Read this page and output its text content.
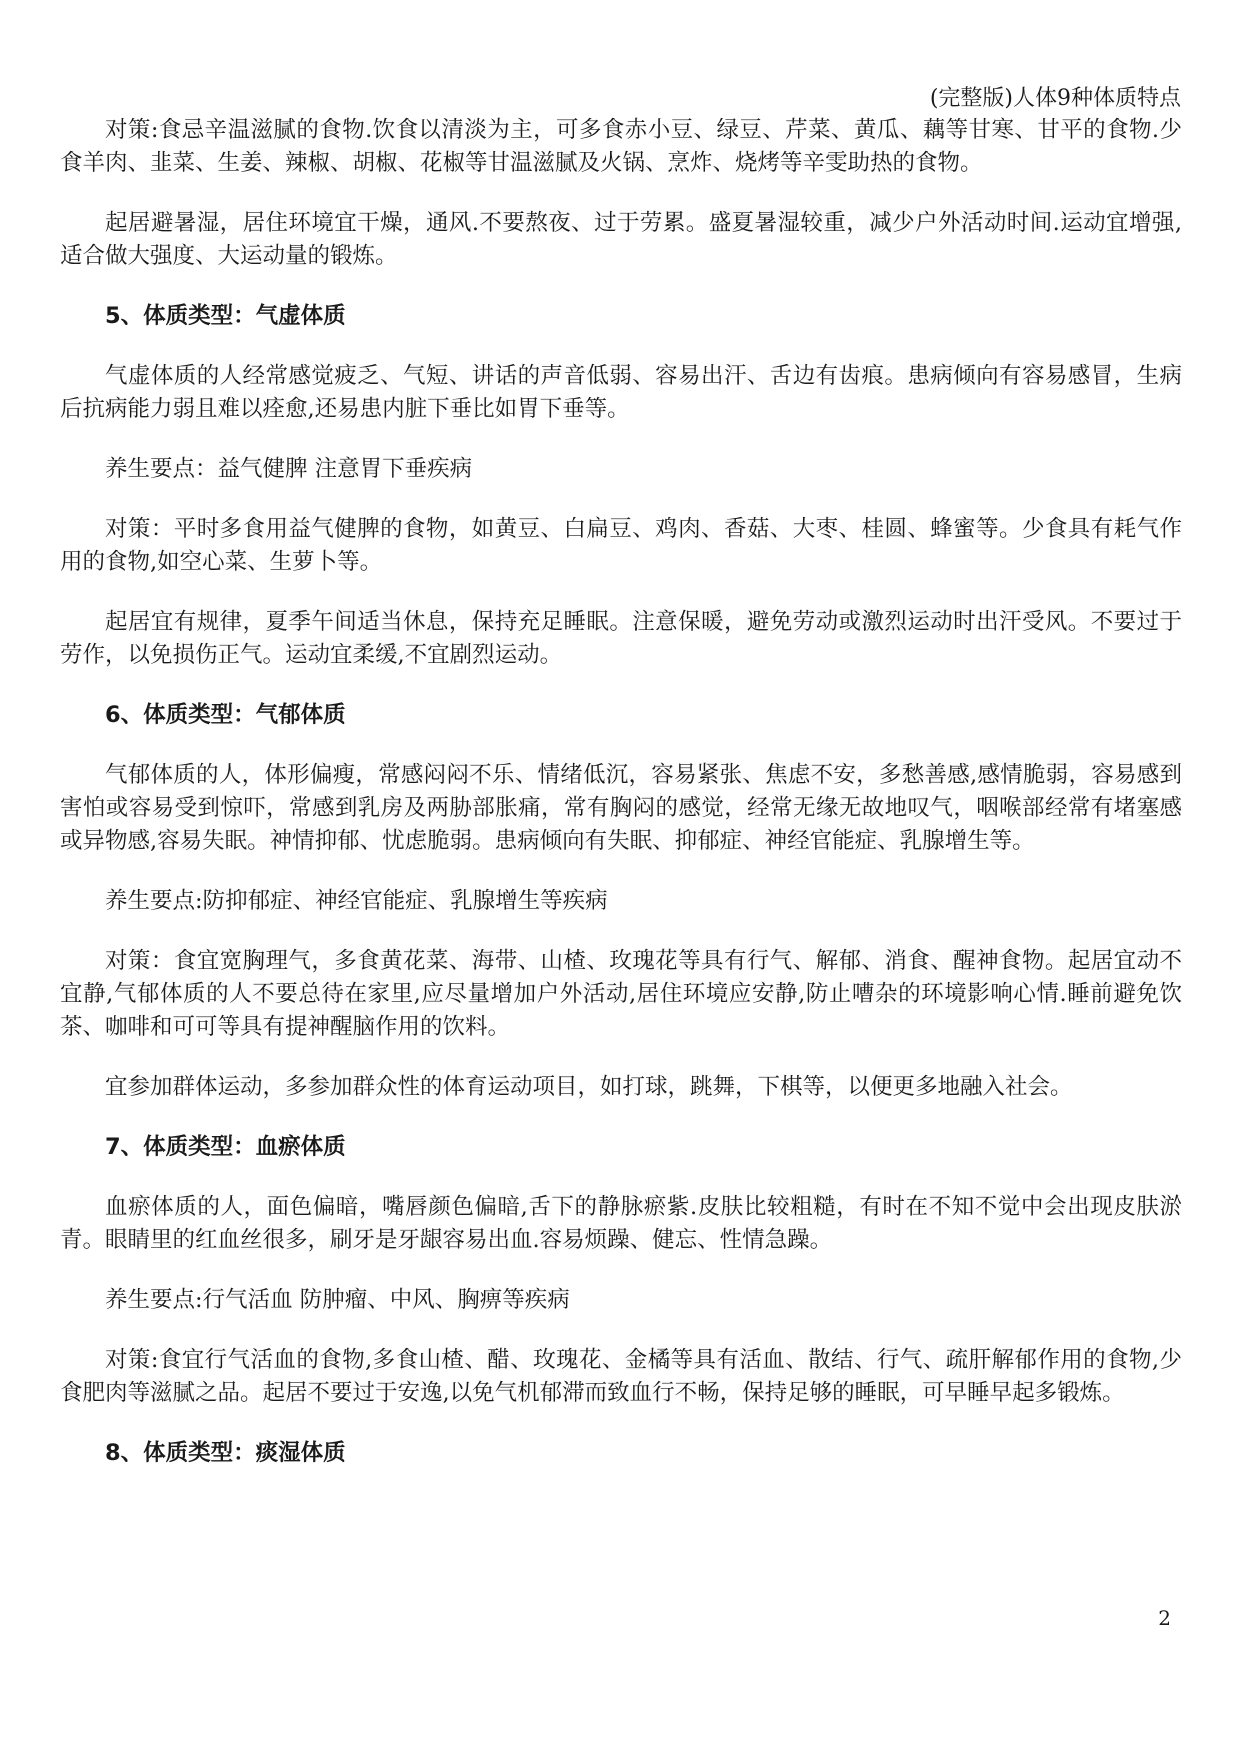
(完整版)人体9种体质特点

对策:食忌辛温滋腻的食物.饮食以清淡为主，可多食赤小豆、绿豆、芹菜、黄瓜、藕等甘寒、甘平的食物.少食羊肉、韭菜、生姜、辣椒、胡椒、花椒等甘温滋腻及火锅、烹炸、烧烤等辛雯助热的食物。

起居避暑湿，居住环境宜干燥，通风.不要熬夜、过于劳累。盛夏暑湿较重，减少户外活动时间.运动宜增强,适合做大强度、大运动量的锻炼。

5、体质类型：气虚体质

气虚体质的人经常感觉疲乏、气短、讲话的声音低弱、容易出汗、舌边有齿痕。患病倾向有容易感冒，生病后抗病能力弱且难以痊愈,还易患内脏下垂比如胃下垂等。

养生要点：益气健脾 注意胃下垂疾病

对策：平时多食用益气健脾的食物，如黄豆、白扁豆、鸡肉、香菇、大枣、桂圆、蜂蜜等。少食具有耗气作用的食物,如空心菜、生萝卜等。

起居宜有规律，夏季午间适当休息，保持充足睡眠。注意保暖，避免劳动或激烈运动时出汗受风。不要过于劳作，以免损伤正气。运动宜柔缓,不宜剧烈运动。

6、体质类型：气郁体质

气郁体质的人，体形偏瘦，常感闷闷不乐、情绪低沉，容易紧张、焦虑不安，多愁善感,感情脆弱，容易感到害怕或容易受到惊吓，常感到乳房及两胁部胀痛，常有胸闷的感觉，经常无缘无故地叹气，咽喉部经常有堵塞感或异物感,容易失眠。神情抑郁、忧虑脆弱。患病倾向有失眠、抑郁症、神经官能症、乳腺增生等。

养生要点:防抑郁症、神经官能症、乳腺增生等疾病

对策：食宜宽胸理气，多食黄花菜、海带、山楂、玫瑰花等具有行气、解郁、消食、醒神食物。起居宜动不宜静,气郁体质的人不要总待在家里,应尽量增加户外活动,居住环境应安静,防止嘈杂的环境影响心情.睡前避免饮茶、咖啡和可可等具有提神醒脑作用的饮料。

宜参加群体运动，多参加群众性的体育运动项目，如打球，跳舞，下棋等，以便更多地融入社会。

7、体质类型：血瘀体质

血瘀体质的人，面色偏暗，嘴唇颜色偏暗,舌下的静脉瘀紫.皮肤比较粗糙，有时在不知不觉中会出现皮肤淤青。眼睛里的红血丝很多，刷牙是牙龈容易出血.容易烦躁、健忘、性情急躁。

养生要点:行气活血 防肿瘤、中风、胸痹等疾病

对策:食宜行气活血的食物,多食山楂、醋、玫瑰花、金橘等具有活血、散结、行气、疏肝解郁作用的食物,少食肥肉等滋腻之品。起居不要过于安逸,以免气机郁滞而致血行不畅，保持足够的睡眠，可早睡早起多锻炼。

8、体质类型：痰湿体质

2
